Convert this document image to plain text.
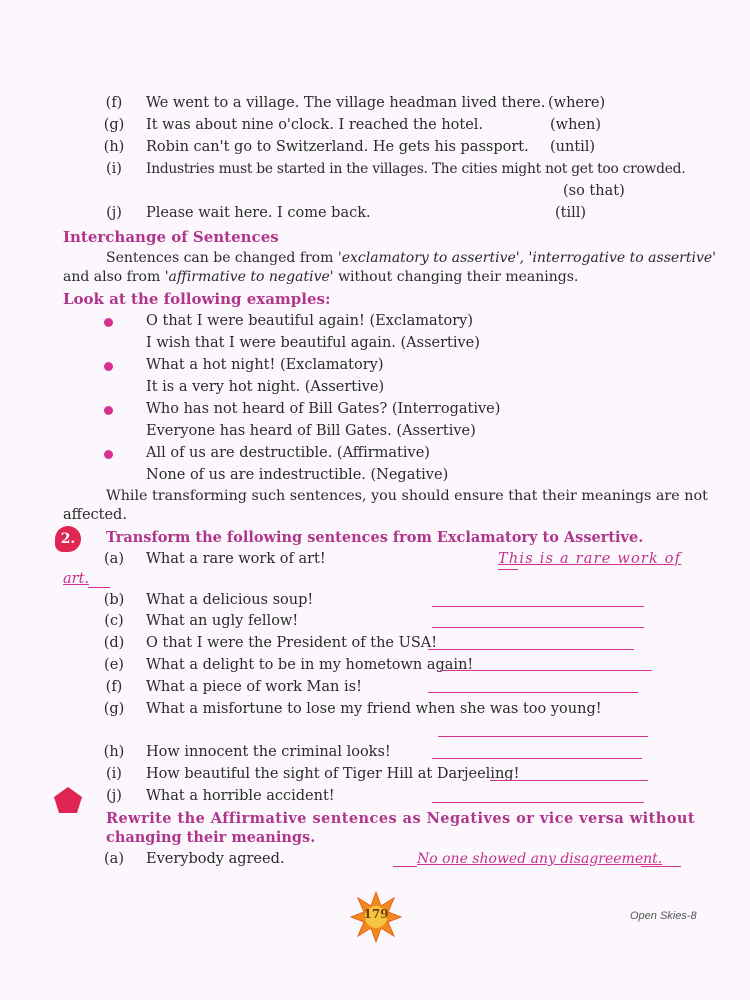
(f)	We went to a village. The village headman lived there. (where)
(g)	It was about nine o'clock. I reached the hotel.	(when)
(h)	Robin can't go to Switzerland. He gets his passport. (until)
(i)	Industries must be started in the villages. The cities might not get too crowded.
(so that)
(j)	Please wait here. I come back.	(till)
Interchange of Sentences
Sentences can be changed from 'exclamatory to assertive', 'interrogative to assertive'
and also from 'affirmative to negative' without changing their meanings.
Look at the following examples:
O that I were beautiful again! (Exclamatory)
I wish that I were beautiful again. (Assertive)
What a hot night! (Exclamatory)
It is a very hot night. (Assertive)
Who has not heard of Bill Gates? (Interrogative)
Everyone has heard of Bill Gates. (Assertive)
All of us are destructible. (Affirmative)
None of us are indestructible. (Negative)
While transforming such sentences, you should ensure that their meanings are not
affected.
2.	Transform the following sentences from Exclamatory to Assertive.
(a)	What a rare work of art!	This is a rare work of
art.
(b)	What a delicious soup!
(c)	What an ugly fellow!
(d)	O that I were the President of the USA!
(e)	What a delight to be in my hometown again!
(f)	What a piece of work Man is!
(g)	What a misfortune to lose my friend when she was too young!
(h)	How innocent the criminal looks!
(i)	How beautiful the sight of Tiger Hill at Darjeeling!
(j)	What a horrible accident!
Rewrite the Affirmative sentences as Negatives or vice versa without
changing their meanings.
(a)	Everybody agreed.	No one showed any disagreement.
179	Open Skies-8
